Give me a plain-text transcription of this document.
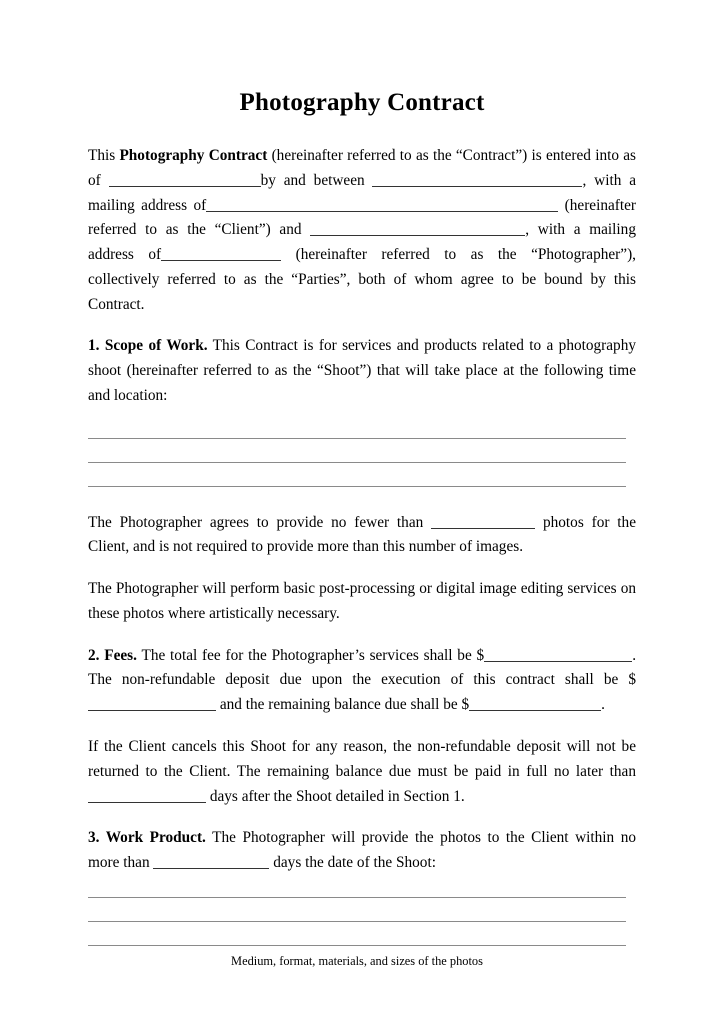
Photography Contract

This Photography Contract (hereinafter referred to as the “Contract”) is entered into as of	by and between	, with a mailing address of	(hereinafter referred to as the “Client”) and	, with a mailing address of	(hereinafter referred to as the “Photographer”), collectively referred to as the “Parties”, both of whom agree to be bound by this Contract.

1. Scope of Work. This Contract is for services and products related to a photography shoot (hereinafter referred to as the “Shoot”) that will take place at the following time and location:

The Photographer agrees to provide no fewer than	photos for the Client, and is not required to provide more than this number of images.

The Photographer will perform basic post-processing or digital image editing services on these photos where artistically necessary.

2. Fees. The total fee for the Photographer’s services shall be $	. The non-refundable deposit due upon the execution of this contract shall be $ and the remaining balance due shall be $	.

If the Client cancels this Shoot for any reason, the non-refundable deposit will not be returned to the Client. The remaining balance due must be paid in full no later than  days after the Shoot detailed in Section 1.

3. Work Product. The Photographer will provide the photos to the Client within no more than	days the date of the Shoot:

Medium, format, materials, and sizes of the photos
